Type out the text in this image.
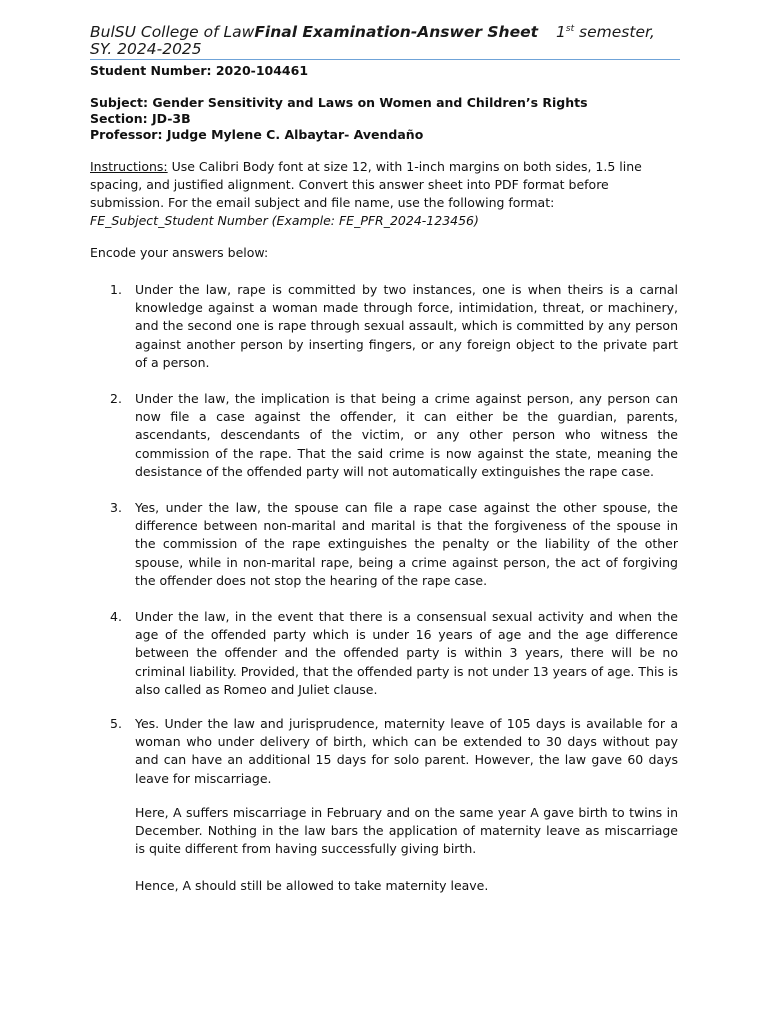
BulSU College of LawFinal Examination-Answer Sheet 1st semester, SY. 2024-2025
Student Number: 2020-104461
Subject: Gender Sensitivity and Laws on Women and Children’s Rights
Section: JD-3B
Professor: Judge Mylene C. Albaytar- Avendaño
Instructions: Use Calibri Body font at size 12, with 1-inch margins on both sides, 1.5 line spacing, and justified alignment. Convert this answer sheet into PDF format before submission. For the email subject and file name, use the following format:
FE_Subject_Student Number (Example: FE_PFR_2024-123456)
Encode your answers below:
1.	Under the law, rape is committed by two instances, one is when theirs is a carnal knowledge against a woman made through force, intimidation, threat, or machinery, and the second one is rape through sexual assault, which is committed by any person against another person by inserting fingers, or any foreign object to the private part of a person.
2.	Under the law, the implication is that being a crime against person, any person can now file a case against the offender, it can either be the guardian, parents, ascendants, descendants of the victim, or any other person who witness the commission of the rape. That the said crime is now against the state, meaning the desistance of the offended party will not automatically extinguishes the rape case.
3.	Yes, under the law, the spouse can file a rape case against the other spouse, the difference between non-marital and marital is that the forgiveness of the spouse in the commission of the rape extinguishes the penalty or the liability of the other spouse, while in non-marital rape, being a crime against person, the act of forgiving the offender does not stop the hearing of the rape case.
4.	Under the law, in the event that there is a consensual sexual activity and when the age of the offended party which is under 16 years of age and the age difference between the offender and the offended party is within 3 years, there will be no criminal liability. Provided, that the offended party is not under 13 years of age. This is also called as Romeo and Juliet clause.
5.	Yes. Under the law and jurisprudence, maternity leave of 105 days is available for a woman who under delivery of birth, which can be extended to 30 days without pay and can have an additional 15 days for solo parent. However, the law gave 60 days leave for miscarriage.
Here, A suffers miscarriage in February and on the same year A gave birth to twins in December. Nothing in the law bars the application of maternity leave as miscarriage is quite different from having successfully giving birth.
Hence, A should still be allowed to take maternity leave.
